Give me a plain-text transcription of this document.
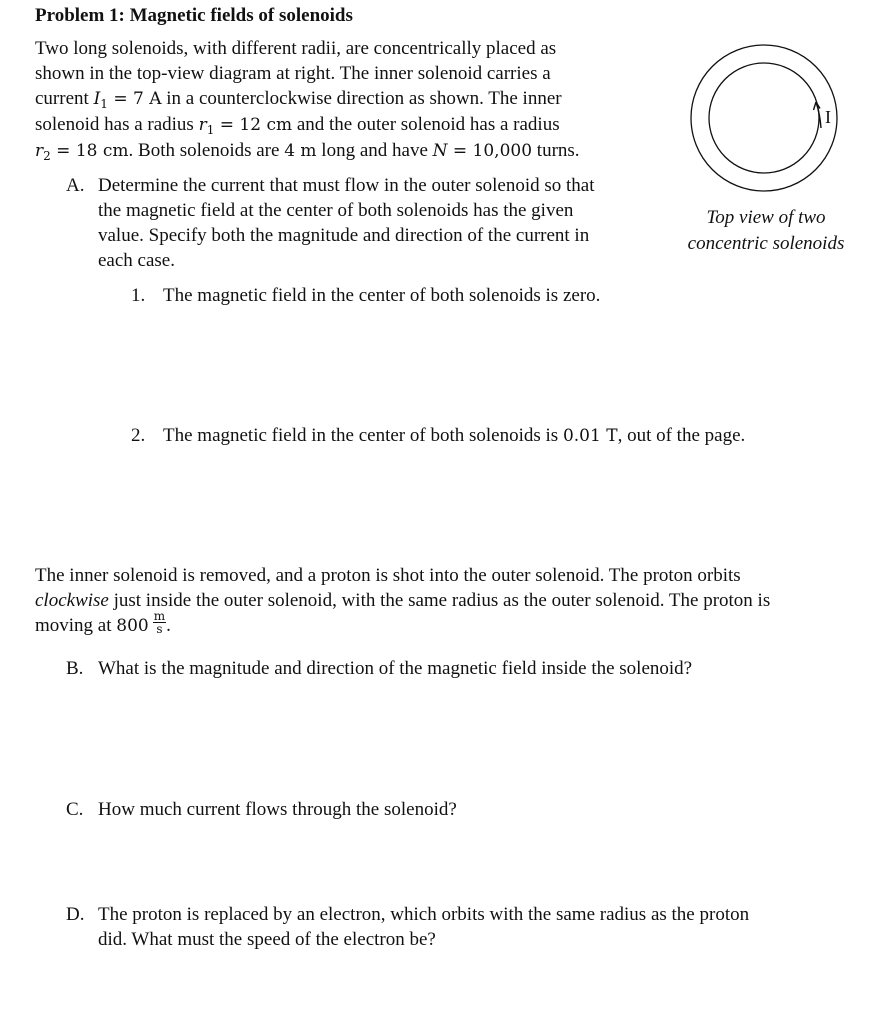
Problem 1: Magnetic fields of solenoids
Two long solenoids, with different radii, are concentrically placed as
shown in the top-view diagram at right. The inner solenoid carries a
current $I_1 = 7$ A in a counterclockwise direction as shown. The inner
solenoid has a radius $r_1 = 12$ cm and the outer solenoid has a radius
$r_2 = 18$ cm. Both solenoids are 4 m long and have N = 10,000 turns.
I
Top view of two
concentric solenoids
A. Determine the current that must flow in the outer solenoid so that
the magnetic field at the center of both solenoids has the given
value. Specify both the magnitude and direction of the current in
each case.
1. The magnetic field in the center of both solenoids is zero.
2. The magnetic field in the center of both solenoids is 0.01 T, out of the page.
The inner solenoid is removed, and a proton is shot into the outer solenoid. The proton orbits
clockwise just inside the outer solenoid, with the same radius as the outer solenoid. The proton is
moving at $800 \frac{m}{s}$ .
B. What is the magnitude and direction of the magnetic field inside the solenoid?
C. How much current flows through the solenoid?
D. The proton is replaced by an electron, which orbits with the same radius as the proton
did. What must the speed of the electron be?
